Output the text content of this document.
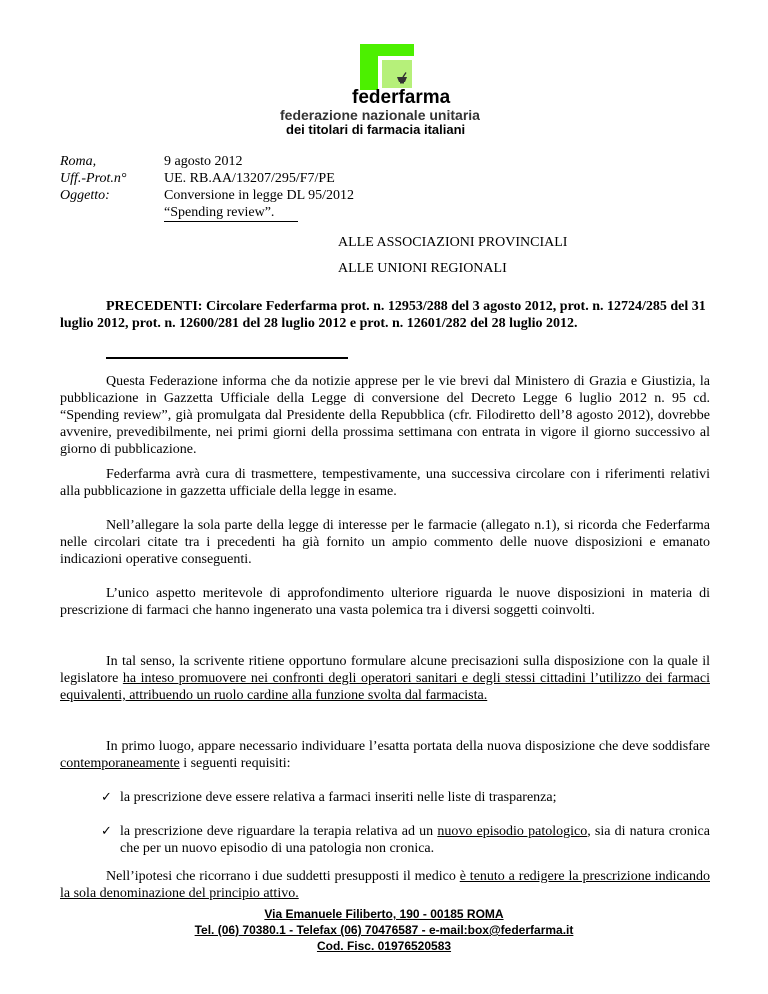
federfarma
federazione nazionale unitaria
dei titolari di farmacia italiani
Roma,	9 agosto 2012
Uff.-Prot.n°	UE. RB.AA/13207/295/F7/PE
Oggetto:	Conversione in legge DL 95/2012
“Spending review”.
ALLE ASSOCIAZIONI PROVINCIALI
ALLE UNIONI REGIONALI
PRECEDENTI: Circolare Federfarma prot. n. 12953/288 del 3 agosto 2012, prot. n. 12724/285 del 31 luglio 2012, prot. n. 12600/281 del 28 luglio 2012 e prot. n. 12601/282 del 28 luglio 2012.

Questa Federazione informa che da notizie apprese per le vie brevi dal Ministero di Grazia e Giustizia, la pubblicazione in Gazzetta Ufficiale della Legge di conversione del Decreto Legge 6 luglio 2012 n. 95 cd. “Spending review”, già promulgata dal Presidente della Repubblica (cfr. Filodiretto dell’8 agosto 2012), dovrebbe avvenire, prevedibilmente, nei primi giorni della prossima settimana con entrata in vigore il giorno successivo al giorno di pubblicazione.

Federfarma avrà cura di trasmettere, tempestivamente, una successiva circolare con i riferimenti relativi alla pubblicazione in gazzetta ufficiale della legge in esame.

Nell’allegare la sola parte della legge di interesse per le farmacie (allegato n.1), si ricorda che Federfarma nelle circolari citate tra i precedenti ha già fornito un ampio commento delle nuove disposizioni e emanato indicazioni operative conseguenti.

L’unico aspetto meritevole di approfondimento ulteriore riguarda le nuove disposizioni in materia di prescrizione di farmaci che hanno ingenerato una vasta polemica tra i diversi soggetti coinvolti.

In tal senso, la scrivente ritiene opportuno formulare alcune precisazioni sulla disposizione con la quale il legislatore ha inteso promuovere nei confronti degli operatori sanitari e degli stessi cittadini l’utilizzo dei farmaci equivalenti, attribuendo un ruolo cardine alla funzione svolta dal farmacista.

In primo luogo, appare necessario individuare l’esatta portata della nuova disposizione che deve soddisfare contemporaneamente i seguenti requisiti:

✓ la prescrizione deve essere relativa a farmaci inseriti nelle liste di trasparenza;
✓ la prescrizione deve riguardare la terapia relativa ad un nuovo episodio patologico, sia di natura cronica che per un nuovo episodio di una patologia non cronica.

Nell’ipotesi che ricorrano i due suddetti presupposti il medico è tenuto a redigere la prescrizione indicando la sola denominazione del principio attivo.

Via Emanuele Filiberto, 190 - 00185 ROMA
Tel. (06) 70380.1 - Telefax (06) 70476587 - e-mail:box@federfarma.it
Cod. Fisc. 01976520583
